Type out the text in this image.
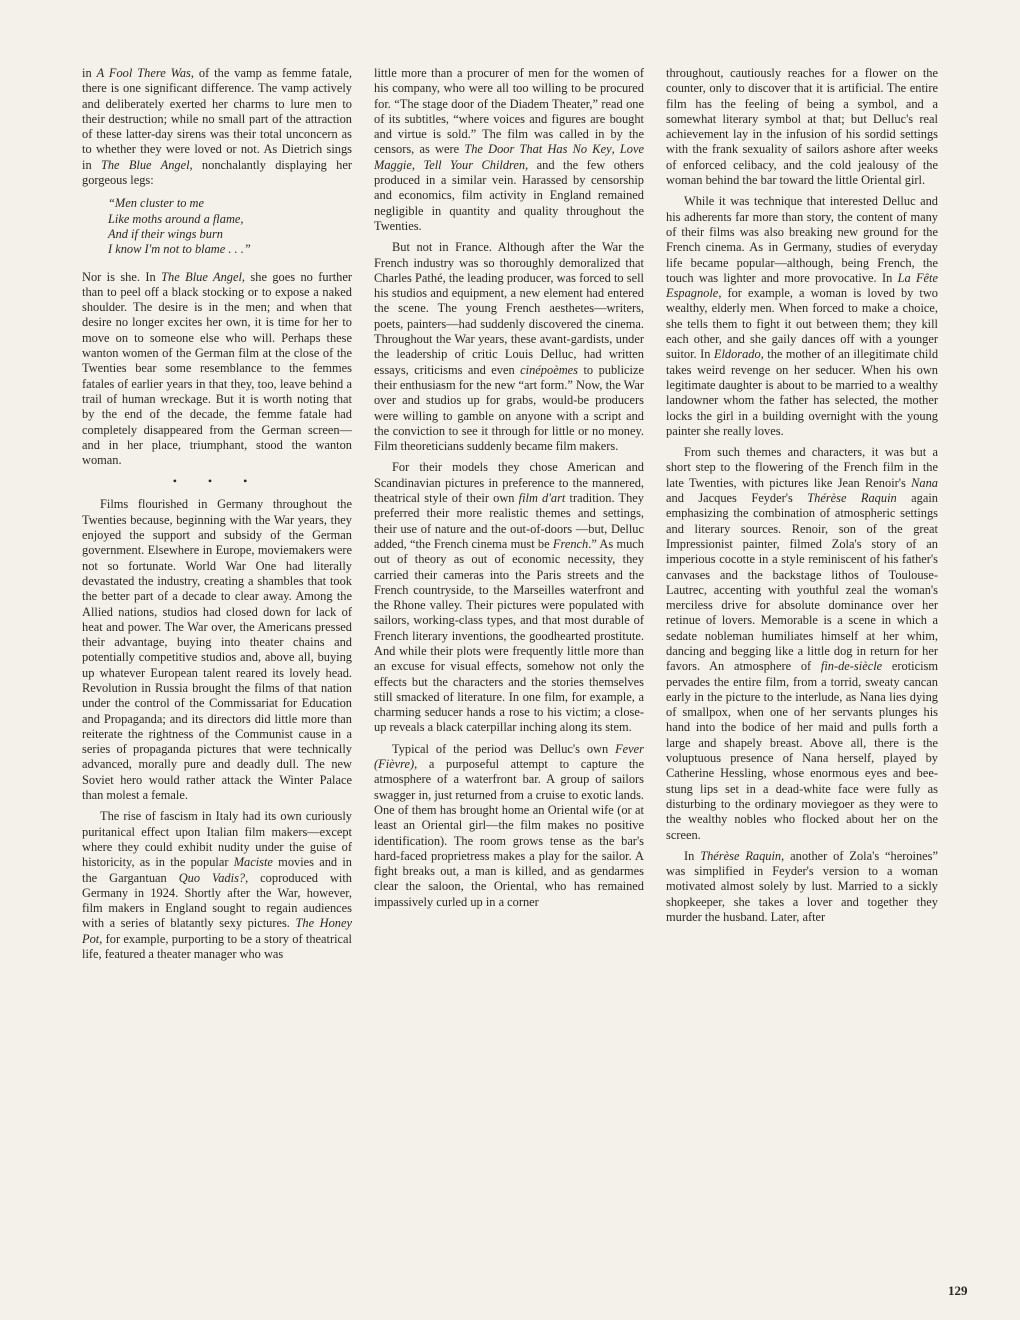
in A Fool There Was, of the vamp as femme fatale, there is one significant difference. The vamp actively and deliberately exerted her charms to lure men to their destruction; while no small part of the attraction of these latter-day sirens was their total unconcern as to whether they were loved or not. As Dietrich sings in The Blue Angel, nonchalantly displaying her gorgeous legs:

“Men cluster to me
Like moths around a flame,
And if their wings burn
I know I'm not to blame . . .”

Nor is she. In The Blue Angel, she goes no further than to peel off a black stocking or to expose a naked shoulder. The desire is in the men; and when that desire no longer excites her own, it is time for her to move on to someone else who will. Perhaps these wanton women of the German film at the close of the Twenties bear some resemblance to the femmes fatales of earlier years in that they, too, leave behind a trail of human wreckage. But it is worth noting that by the end of the decade, the femme fatale had completely disappeared from the German screen—and in her place, triumphant, stood the wanton woman.

• • •

Films flourished in Germany throughout the Twenties because, beginning with the War years, they enjoyed the support and subsidy of the German government. Elsewhere in Europe, moviemakers were not so fortunate. World War One had literally devastated the industry, creating a shambles that took the better part of a decade to clear away. Among the Allied nations, studios had closed down for lack of heat and power. The War over, the Americans pressed their advantage, buying into theater chains and potentially competitive studios and, above all, buying up whatever European talent reared its lovely head. Revolution in Russia brought the films of that nation under the control of the Commissariat for Education and Propaganda; and its directors did little more than reiterate the rightness of the Communist cause in a series of propaganda pictures that were technically advanced, morally pure and deadly dull. The new Soviet hero would rather attack the Winter Palace than molest a female.

The rise of fascism in Italy had its own curiously puritanical effect upon Italian film makers—except where they could exhibit nudity under the guise of historicity, as in the popular Maciste movies and in the Gargantuan Quo Vadis?, coproduced with Germany in 1924. Shortly after the War, however, film makers in England sought to regain audiences with a series of blatantly sexy pictures. The Honey Pot, for example, purporting to be a story of theatrical life, featured a theater manager who was

little more than a procurer of men for the women of his company, who were all too willing to be procured for. “The stage door of the Diadem Theater,” read one of its subtitles, “where voices and figures are bought and virtue is sold.” The film was called in by the censors, as were The Door That Has No Key, Love Maggie, Tell Your Children, and the few others produced in a similar vein. Harassed by censorship and economics, film activity in England remained negligible in quantity and quality throughout the Twenties.

But not in France. Although after the War the French industry was so thoroughly demoralized that Charles Pathé, the leading producer, was forced to sell his studios and equipment, a new element had entered the scene. The young French aesthetes—writers, poets, painters—had suddenly discovered the cinema. Throughout the War years, these avant-gardists, under the leadership of critic Louis Delluc, had written essays, criticisms and even cinépoèmes to publicize their enthusiasm for the new “art form.” Now, the War over and studios up for grabs, would-be producers were willing to gamble on anyone with a script and the conviction to see it through for little or no money. Film theoreticians suddenly became film makers.

For their models they chose American and Scandinavian pictures in preference to the mannered, theatrical style of their own film d'art tradition. They preferred their more realistic themes and settings, their use of nature and the out-of-doors —but, Delluc added, “the French cinema must be French.” As much out of theory as out of economic necessity, they carried their cameras into the Paris streets and the French countryside, to the Marseilles waterfront and the Rhone valley. Their pictures were populated with sailors, working-class types, and that most durable of French literary inventions, the goodhearted prostitute. And while their plots were frequently little more than an excuse for visual effects, somehow not only the effects but the characters and the stories themselves still smacked of literature. In one film, for example, a charming seducer hands a rose to his victim; a close-up reveals a black caterpillar inching along its stem.

Typical of the period was Delluc's own Fever (Fièvre), a purposeful attempt to capture the atmosphere of a waterfront bar. A group of sailors swagger in, just returned from a cruise to exotic lands. One of them has brought home an Oriental wife (or at least an Oriental girl—the film makes no positive identification). The room grows tense as the bar's hard-faced proprietress makes a play for the sailor. A fight breaks out, a man is killed, and as gendarmes clear the saloon, the Oriental, who has remained impassively curled up in a corner

throughout, cautiously reaches for a flower on the counter, only to discover that it is artificial. The entire film has the feeling of being a symbol, and a somewhat literary symbol at that; but Delluc's real achievement lay in the infusion of his sordid settings with the frank sexuality of sailors ashore after weeks of enforced celibacy, and the cold jealousy of the woman behind the bar toward the little Oriental girl.

While it was technique that interested Delluc and his adherents far more than story, the content of many of their films was also breaking new ground for the French cinema. As in Germany, studies of everyday life became popular—although, being French, the touch was lighter and more provocative. In La Fête Espagnole, for example, a woman is loved by two wealthy, elderly men. When forced to make a choice, she tells them to fight it out between them; they kill each other, and she gaily dances off with a younger suitor. In Eldorado, the mother of an illegitimate child takes weird revenge on her seducer. When his own legitimate daughter is about to be married to a wealthy landowner whom the father has selected, the mother locks the girl in a building overnight with the young painter she really loves.

From such themes and characters, it was but a short step to the flowering of the French film in the late Twenties, with pictures like Jean Renoir's Nana and Jacques Feyder's Thérèse Raquin again emphasizing the combination of atmospheric settings and literary sources. Renoir, son of the great Impressionist painter, filmed Zola's story of an imperious cocotte in a style reminiscent of his father's canvases and the backstage lithos of Toulouse-Lautrec, accenting with youthful zeal the woman's merciless drive for absolute dominance over her retinue of lovers. Memorable is a scene in which a sedate nobleman humiliates himself at her whim, dancing and begging like a little dog in return for her favors. An atmosphere of fin-de-siècle eroticism pervades the entire film, from a torrid, sweaty cancan early in the picture to the interlude, as Nana lies dying of smallpox, when one of her servants plunges his hand into the bodice of her maid and pulls forth a large and shapely breast. Above all, there is the voluptuous presence of Nana herself, played by Catherine Hessling, whose enormous eyes and bee-stung lips set in a dead-white face were fully as disturbing to the ordinary moviegoer as they were to the wealthy nobles who flocked about her on the screen.

In Thérèse Raquin, another of Zola's “heroines” was simplified in Feyder's version to a woman motivated almost solely by lust. Married to a sickly shopkeeper, she takes a lover and together they murder the husband. Later, after

129
